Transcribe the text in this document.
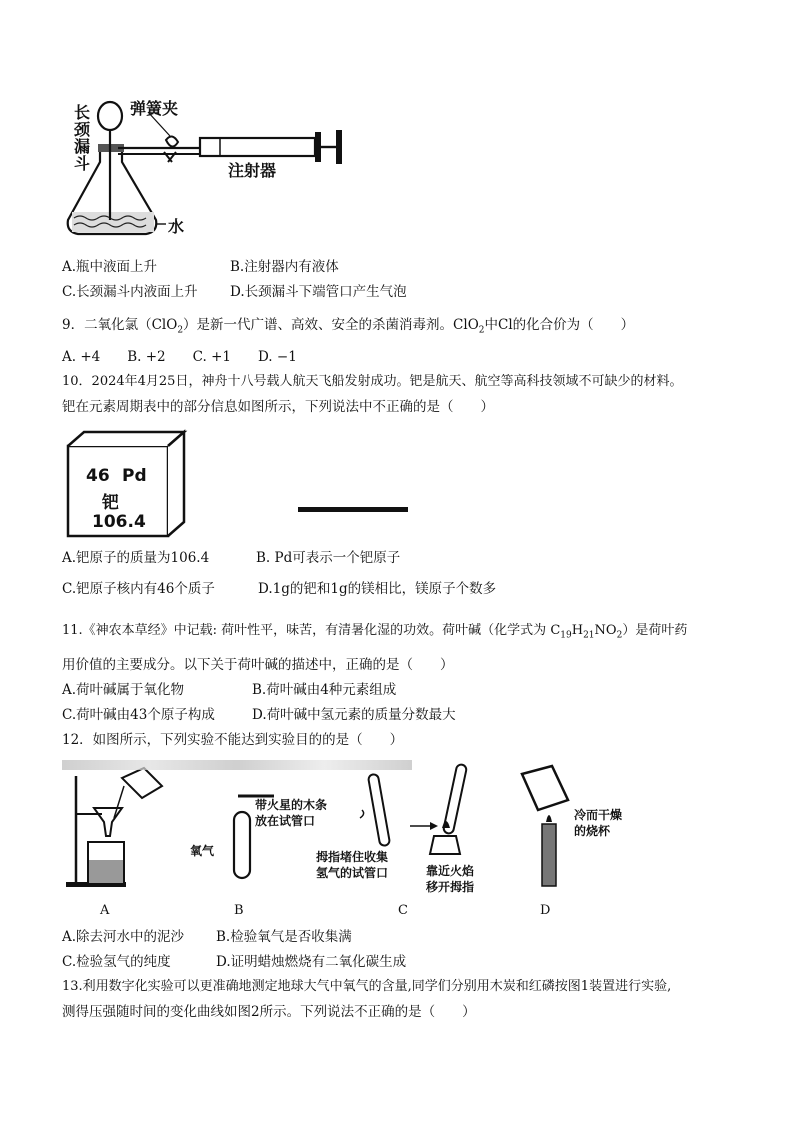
长颈漏斗
弹簧夹
注射器
水
A.瓶中液面上升	B.注射器内有液体
C.长颈漏斗内液面上升 D.长颈漏斗下端管口产生气泡
9．二氧化氯（ClO$_2$）是新一代广谱、高效、安全的杀菌消毒剂。ClO$_2$中Cl的化合价为（　　）
A. +4　　B. +2　　C. +1　　D. −1
10．2024年4月25日，神舟十八号载人航天飞船发射成功。钯是航天、航空等高科技领域不可缺少的材料。
钯在元素周期表中的部分信息如图所示，下列说法中不正确的是（　　）
46 Pd
钯
106.4
A.钯原子的质量为106.4	B. Pd可表示一个钯原子
C.钯原子核内有46个质子	D.1g的钯和1g的镁相比，镁原子个数多
11.《神农本草经》中记载: 荷叶性平，味苦，有清暑化湿的功效。荷叶碱（化学式为 $C_{19}H_{21}NO_2$）是荷叶药
用价值的主要成分。以下关于荷叶碱的描述中，正确的是（　　）
A.荷叶碱属于氧化物	B.荷叶碱由4种元素组成
C.荷叶碱由43个原子构成	D.荷叶碱中氢元素的质量分数最大
12．如图所示，下列实验不能达到实验目的的是（　　）
带火星的木条
放在试管口
氧气	拇指堵住收集
氢气的试管口	靠近火焰
移开拇指
冷而干燥
的烧杯
A	B	C	D
A.除去河水中的泥沙 B.检验氧气是否收集满
C.检验氢气的纯度	D.证明蜡烛燃烧有二氧化碳生成
13.利用数字化实验可以更准确地测定地球大气中氧气的含量,同学们分别用木炭和红磷按图1装置进行实验,
测得压强随时间的变化曲线如图2所示。下列说法不正确的是（　　）
